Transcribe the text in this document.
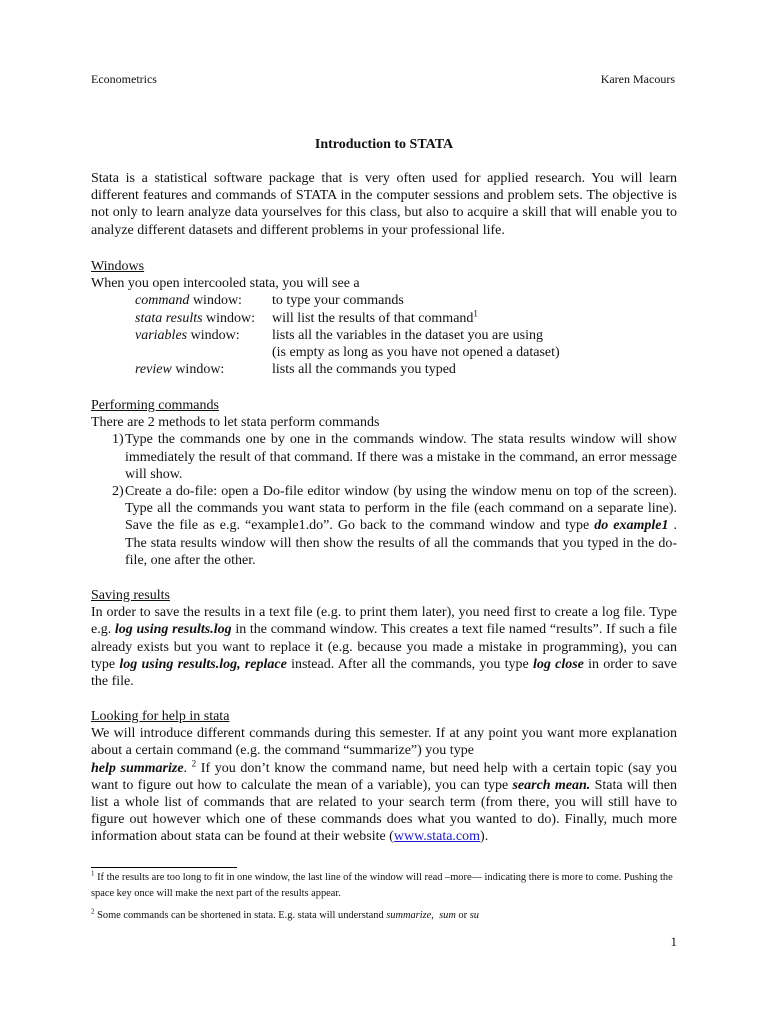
Econometrics	Karen Macours
Introduction to STATA

Stata is a statistical software package that is very often used for applied research. You will learn different features and commands of STATA in the computer sessions and problem sets. The objective is not only to learn analyze data yourselves for this class, but also to acquire a skill that will enable you to analyze different datasets and different problems in your professional life.

Windows
When you open intercooled stata, you will see a
command window:	to type your commands
stata results window:	will list the results of that command$^1$
variables window:	lists all the variables in the dataset you are using
(is empty as long as you have not opened a dataset)
review window:	lists all the commands you typed
Performing commands
There are 2 methods to let stata perform commands
1) Type the commands one by one in the commands window. The stata results window will show immediately the result of that command. If there was a mistake in the command, an error message will show.
2) Create a do-file: open a Do-file editor window (by using the window menu on top of the screen). Type all the commands you want stata to perform in the file (each command on a separate line). Save the file as e.g. “example1.do”. Go back to the command window and type do example1 . The stata results window will then show the results of all the commands that you typed in the do-file, one after the other.
Saving results

In order to save the results in a text file (e.g. to print them later), you need first to create a log file. Type e.g. log using results.log in the command window. This creates a text file named “results”. If such a file already exists but you want to replace it (e.g. because you made a mistake in programming), you can type log using results.log, replace instead. After all the commands, you type log close in order to save the file.

Looking for help in stata

We will introduce different commands during this semester. If at any point you want more explanation about a certain command (e.g. the command “summarize”) you type

help summarize. $^2$ If you don’t know the command name, but need help with a certain topic (say you want to figure out how to calculate the mean of a variable), you can type search mean. Stata will then list a whole list of commands that are related to your search term (from there, you will still have to figure out however which one of these commands does what you wanted to do). Finally, much more information about stata can be found at their website (www.stata.com).

$^1$ If the results are too long to fit in one window, the last line of the window will read –more— indicating there is more to come. Pushing the space key once will make the next part of the results appear.

$^2$ Some commands can be shortened in stata. E.g. stata will understand summarize, sum or su

1
